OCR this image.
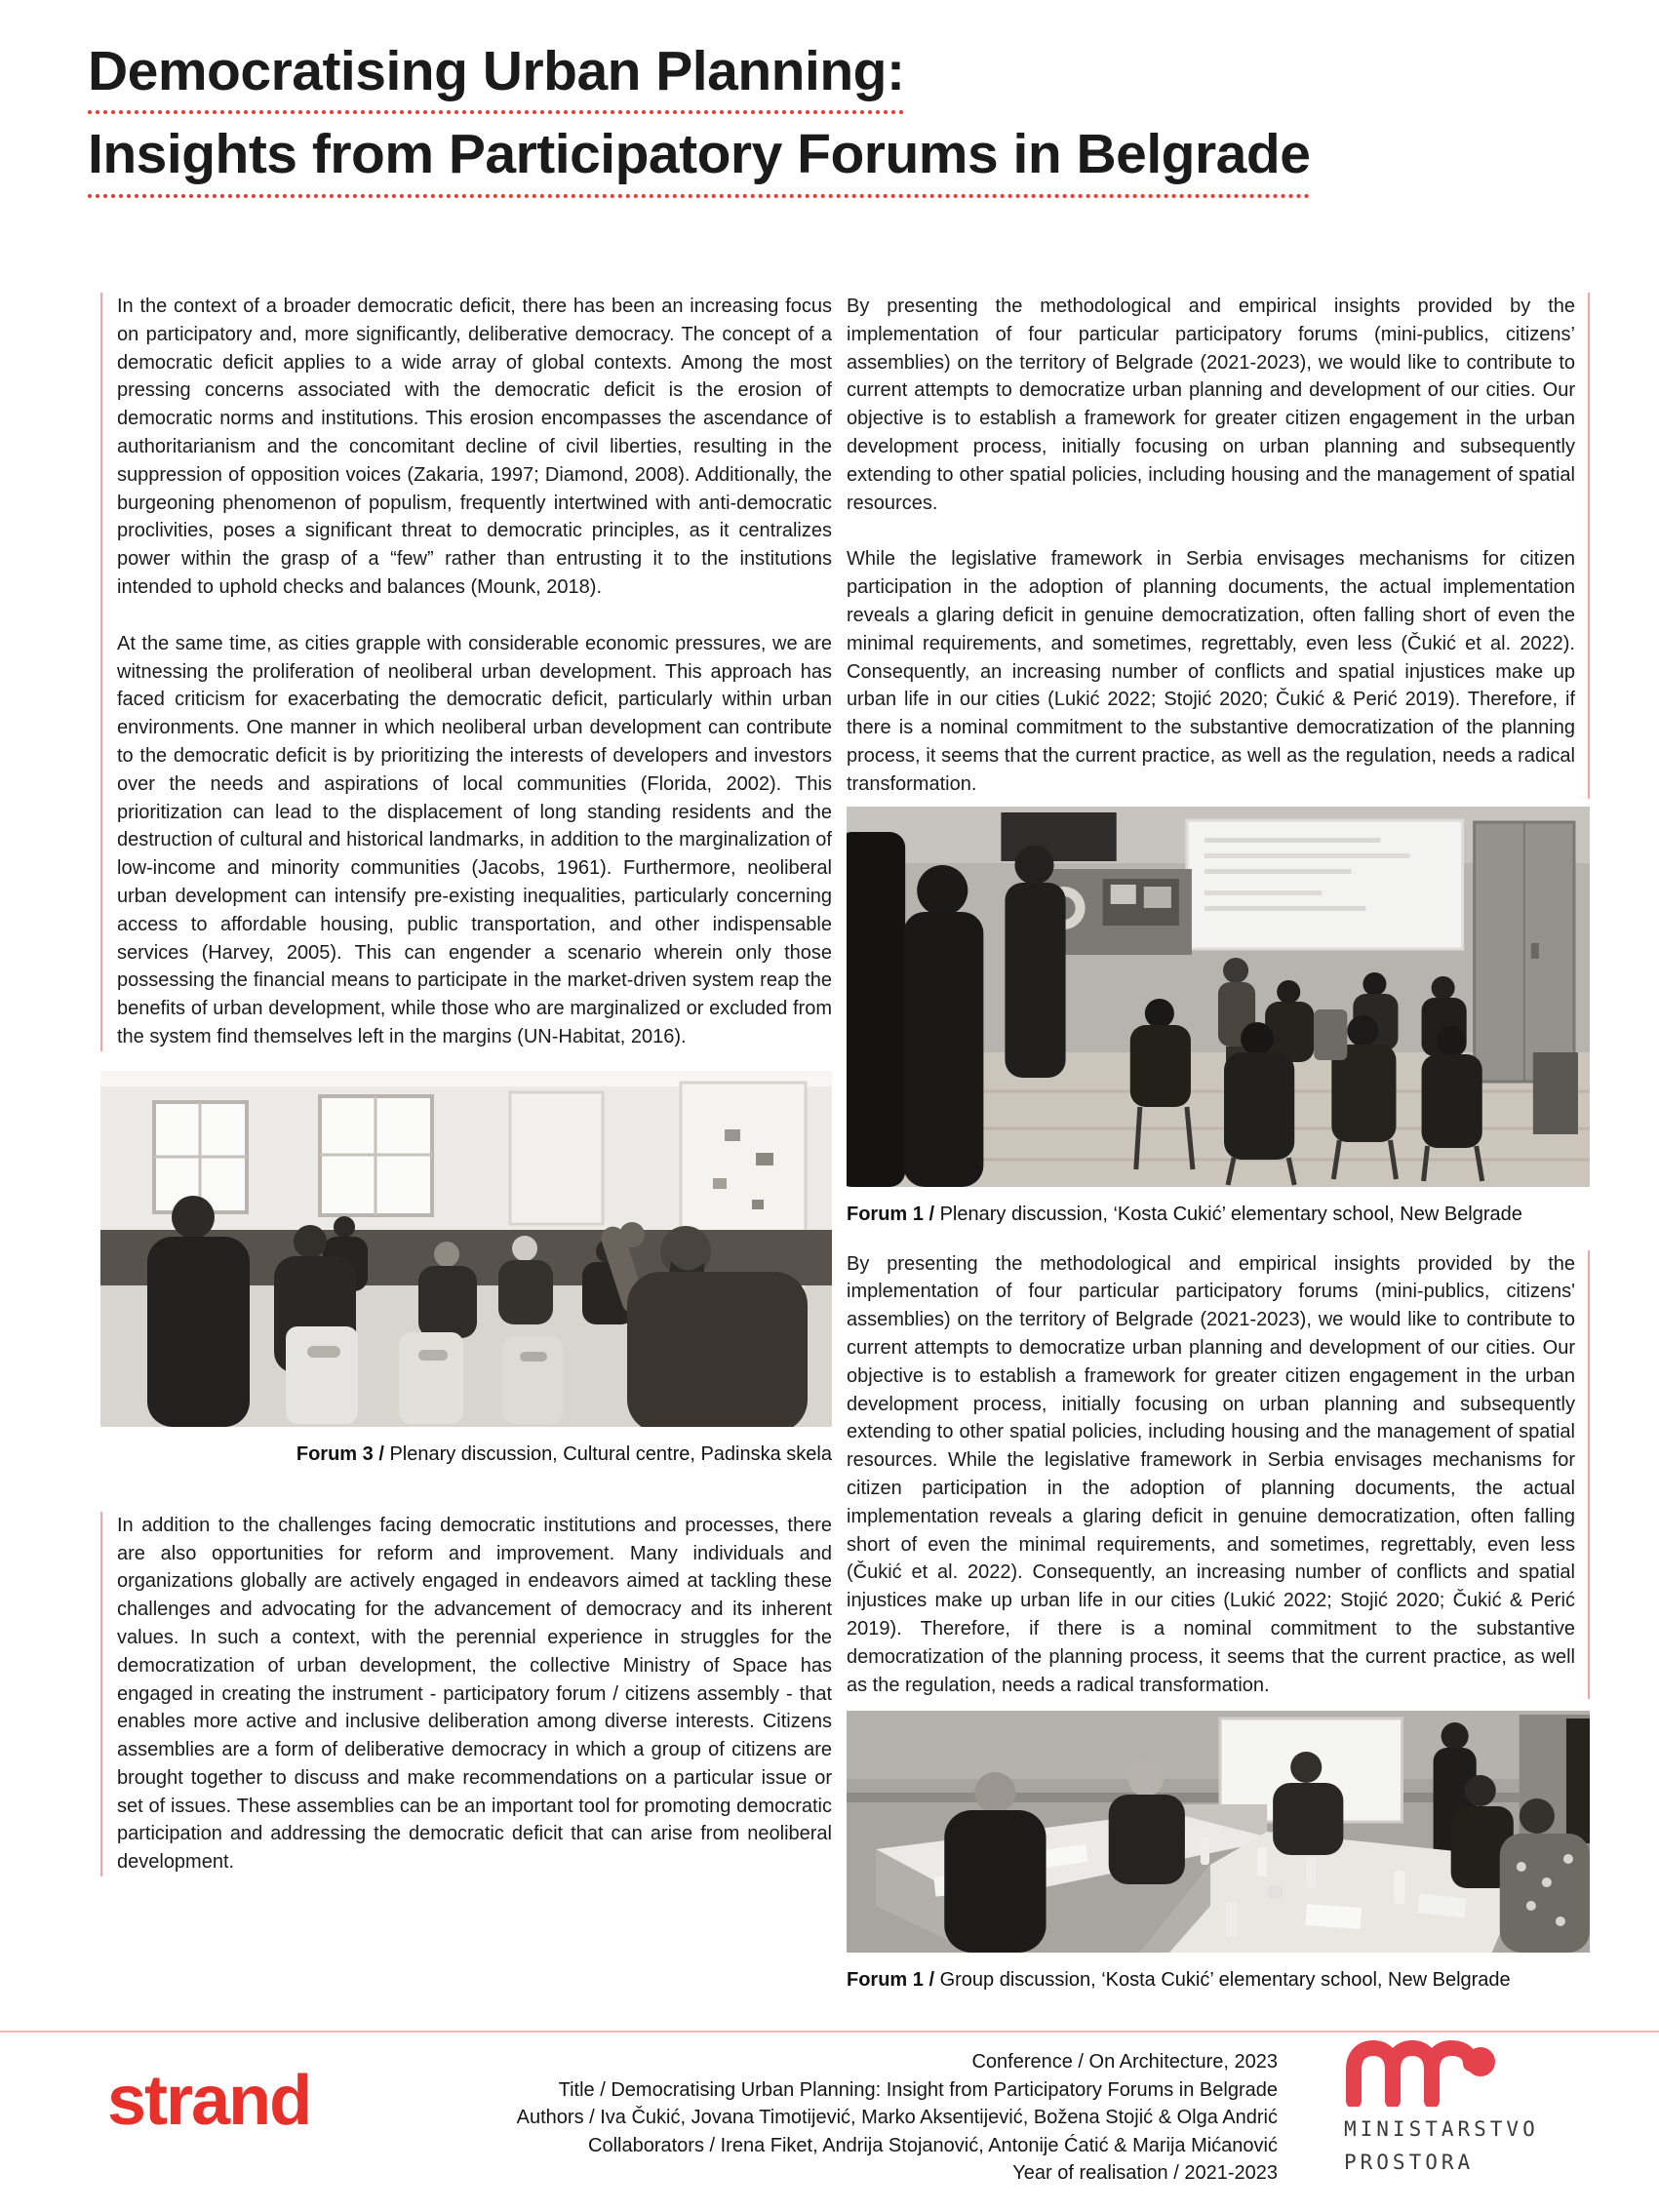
Democratising Urban Planning:
Insights from Participatory Forums in Belgrade

In the context of a broader democratic deficit, there has been an increasing focus on participatory and, more significantly, deliberative democracy. The concept of a democratic deficit applies to a wide array of global contexts. Among the most pressing concerns associated with the democratic deficit is the erosion of democratic norms and institutions. This erosion encompasses the ascendance of authoritarianism and the concomitant decline of civil liberties, resulting in the suppression of opposition voices (Zakaria, 1997; Diamond, 2008). Additionally, the burgeoning phenomenon of populism, frequently intertwined with anti-democratic proclivities, poses a significant threat to democratic principles, as it centralizes power within the grasp of a “few” rather than entrusting it to the institutions intended to uphold checks and balances (Mounk, 2018).

At the same time, as cities grapple with considerable economic pressures, we are witnessing the proliferation of neoliberal urban development. This approach has faced criticism for exacerbating the democratic deficit, particularly within urban environments. One manner in which neoliberal urban development can contribute to the democratic deficit is by prioritizing the interests of developers and investors over the needs and aspirations of local communities (Florida, 2002). This prioritization can lead to the displacement of long standing residents and the destruction of cultural and historical landmarks, in addition to the marginalization of low-income and minority communities (Jacobs, 1961). Furthermore, neoliberal urban development can intensify pre-existing inequalities, particularly concerning access to affordable housing, public transportation, and other indispensable services (Harvey, 2005). This can engender a scenario wherein only those possessing the financial means to participate in the market-driven system reap the benefits of urban development, while those who are marginalized or excluded from the system find themselves left in the margins (UN-Habitat, 2016).

Forum 3 / Plenary discussion, Cultural centre, Padinska skela

In addition to the challenges facing democratic institutions and processes, there are also opportunities for reform and improvement. Many individuals and organizations globally are actively engaged in endeavors aimed at tackling these challenges and advocating for the advancement of democracy and its inherent values. In such a context, with the perennial experience in struggles for the democratization of urban development, the collective Ministry of Space has engaged in creating the instrument - participatory forum / citizens assembly - that enables more active and inclusive deliberation among diverse interests. Citizens assemblies are a form of deliberative democracy in which a group of citizens are brought together to discuss and make recommendations on a particular issue or set of issues. These assemblies can be an important tool for promoting democratic participation and addressing the democratic deficit that can arise from neoliberal development.

By presenting the methodological and empirical insights provided by the implementation of four particular participatory forums (mini-publics, citizens’ assemblies) on the territory of Belgrade (2021-2023), we would like to contribute to current attempts to democratize urban planning and development of our cities. Our objective is to establish a framework for greater citizen engagement in the urban development process, initially focusing on urban planning and subsequently extending to other spatial policies, including housing and the management of spatial resources.

While the legislative framework in Serbia envisages mechanisms for citizen participation in the adoption of planning documents, the actual implementation reveals a glaring deficit in genuine democratization, often falling short of even the minimal requirements, and sometimes, regrettably, even less (Čukić et al. 2022). Consequently, an increasing number of conflicts and spatial injustices make up urban life in our cities (Lukić 2022; Stojić 2020; Čukić & Perić 2019). Therefore, if there is a nominal commitment to the substantive democratization of the planning process, it seems that the current practice, as well as the regulation, needs a radical transformation.

Forum 1 / Plenary discussion, ‘Kosta Cukić’ elementary school, New Belgrade

By presenting the methodological and empirical insights provided by the implementation of four particular participatory forums (mini-publics, citizens' assemblies) on the territory of Belgrade (2021-2023), we would like to contribute to current attempts to democratize urban planning and development of our cities. Our objective is to establish a framework for greater citizen engagement in the urban development process, initially focusing on urban planning and subsequently extending to other spatial policies, including housing and the management of spatial resources. While the legislative framework in Serbia envisages mechanisms for citizen participation in the adoption of planning documents, the actual implementation reveals a glaring deficit in genuine democratization, often falling short of even the minimal requirements, and sometimes, regrettably, even less (Čukić et al. 2022). Consequently, an increasing number of conflicts and spatial injustices make up urban life in our cities (Lukić 2022; Stojić 2020; Čukić & Perić 2019). Therefore, if there is a nominal commitment to the substantive democratization of the planning process, it seems that the current practice, as well as the regulation, needs a radical transformation.

Forum 1 / Group discussion, ‘Kosta Cukić’ elementary school, New Belgrade
strand	Conference / On Architecture, 2023
Title / Democratising Urban Planning: Insight from Participatory Forums in Belgrade
Authors / Iva Čukić, Jovana Timotijević, Marko Aksentijević, Božena Stojić & Olga Andrić
Collaborators / Irena Fiket, Andrija Stojanović, Antonije Ćatić & Marija Mićanović
Year of realisation / 2021-2023
MINISTARSTVO
PROSTORA
